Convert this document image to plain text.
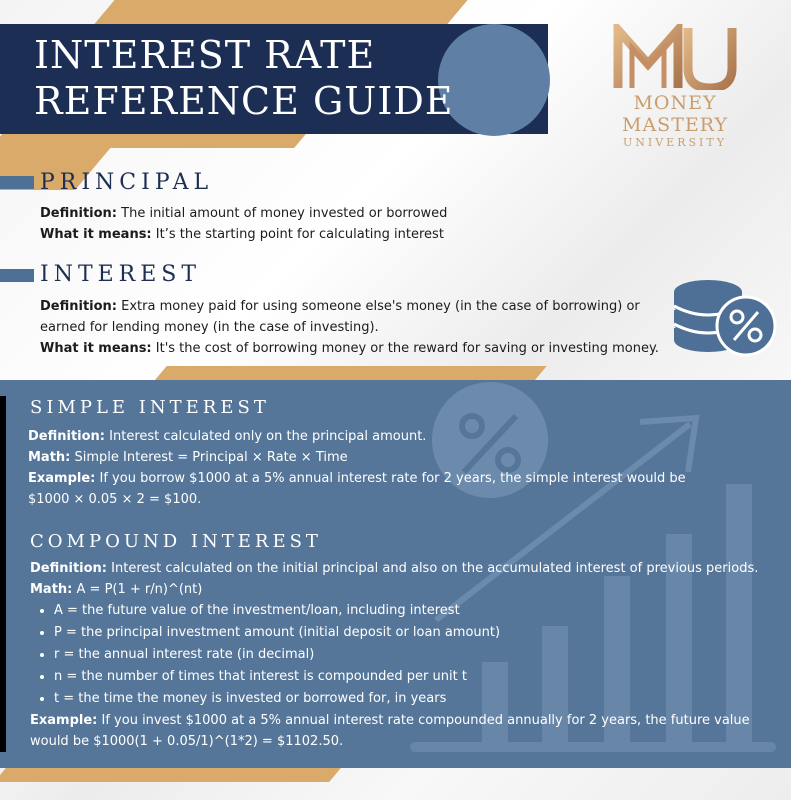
INTEREST RATE
REFERENCE GUIDE	MONEY MASTERY
UNIVERSITY
PRINCIPAL
Definition: The initial amount of money invested or borrowed
What it means: It’s the starting point for calculating interest
INTEREST
Definition: Extra money paid for using someone else's money (in the case of borrowing) or earned for lending money (in the case of investing).
What it means: It's the cost of borrowing money or the reward for saving or investing money.
SIMPLE INTEREST
Definition: Interest calculated only on the principal amount.
Math: Simple Interest = Principal × Rate × Time
Example: If you borrow $1000 at a 5% annual interest rate for 2 years, the simple interest would be $1000 × 0.05 × 2 = $100.
COMPOUND INTEREST
Definition: Interest calculated on the initial principal and also on the accumulated interest of previous periods.
Math: A = P(1 + r/n)^(nt)
• A = the future value of the investment/loan, including interest
• P = the principal investment amount (initial deposit or loan amount)
• r = the annual interest rate (in decimal)
• n = the number of times that interest is compounded per unit t
• t = the time the money is invested or borrowed for, in years
Example: If you invest $1000 at a 5% annual interest rate compounded annually for 2 years, the future value would be $1000(1 + 0.05/1)^(1*2) = $1102.50.
